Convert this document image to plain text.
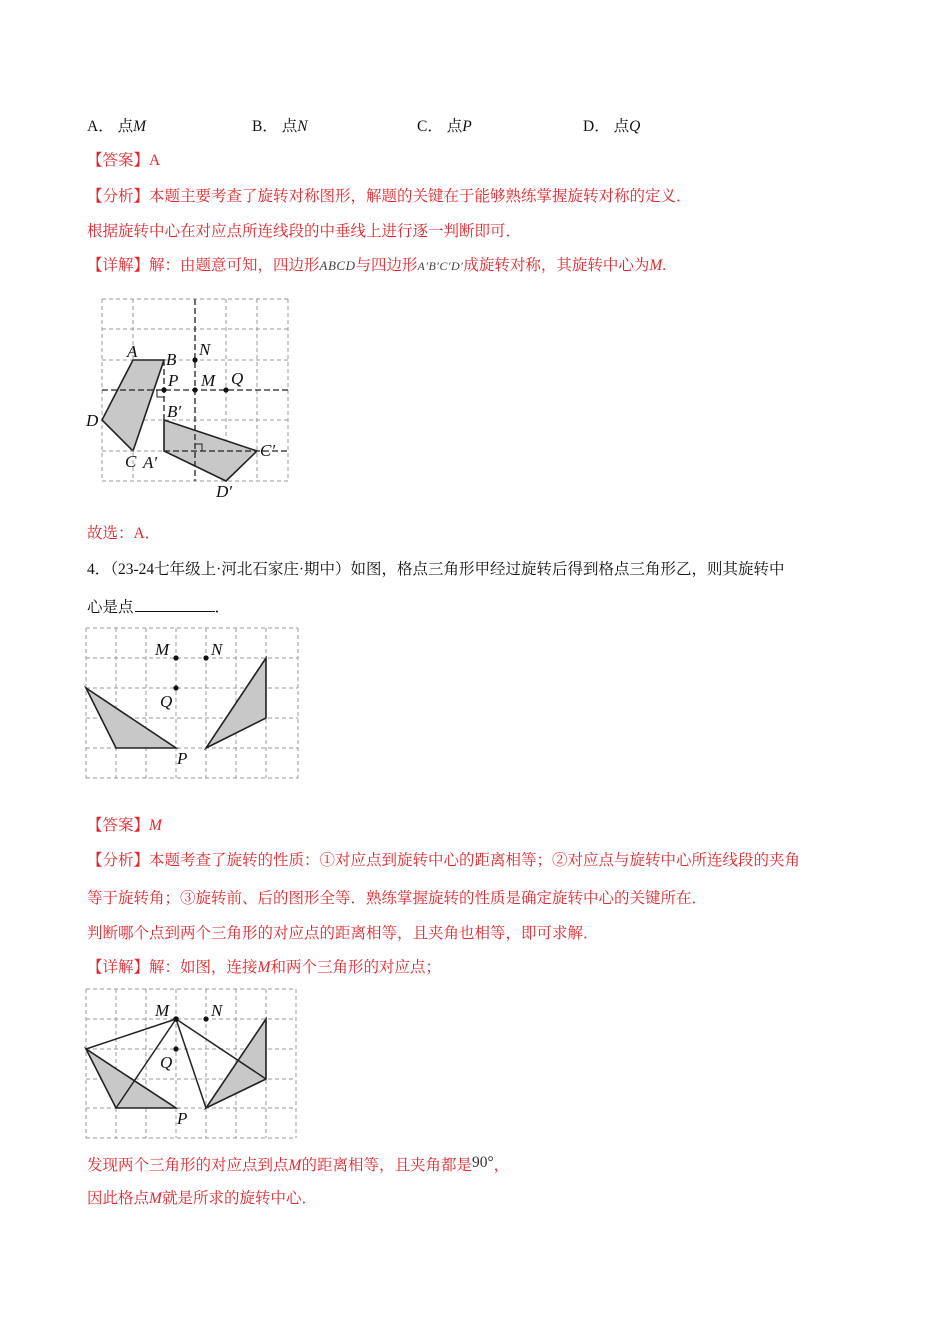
A． 点M	B． 点N	C． 点P	D． 点Q
【答案】A
【分析】本题主要考查了旋转对称图形，解题的关键在于能够熟练掌握旋转对称的定义．
根据旋转中心在对应点所连线段的中垂线上进行逐一判断即可．
【详解】解：由题意可知，四边形ABCD与四边形A′B′C′D′成旋转对称，其旋转中心为M.
A B
D
C
N
P M Q
B′
A′
C′
D′
故选：A．
4．（23-24七年级上·河北石家庄·期中）如图，格点三角形甲经过旋转后得到格点三角形乙，则其旋转中
心是点	．
M N
Q
P
【答案】M
【分析】本题考查了旋转的性质：①对应点到旋转中心的距离相等；②对应点与旋转中心所连线段的夹角
等于旋转角；③旋转前、后的图形全等．熟练掌握旋转的性质是确定旋转中心的关键所在．
判断哪个点到两个三角形的对应点的距离相等，且夹角也相等，即可求解．
【详解】解：如图，连接M和两个三角形的对应点；
M N
Q
P
发现两个三角形的对应点到点M的距离相等，且夹角都是90°，
因此格点M就是所求的旋转中心．
